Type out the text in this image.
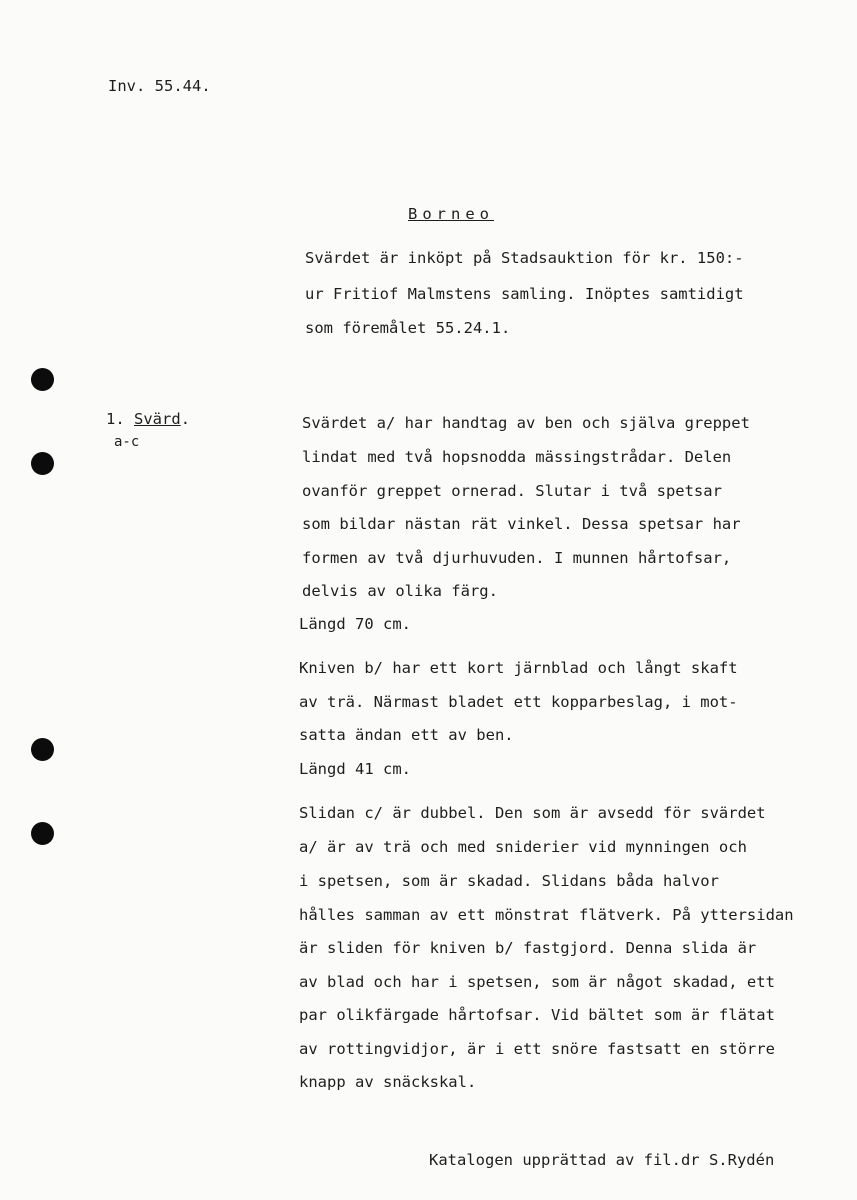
Inv. 55.44.
Borneo
Svärdet är inköpt på Stadsauktion för kr. 150:-
ur Fritiof Malmstens samling. Inöptes samtidigt
som föremålet 55.24.1.
1. Svärd.
a-c
Svärdet a/ har handtag av ben och själva greppet
lindat med två hopsnodda mässingstrådar. Delen
ovanför greppet ornerad. Slutar i två spetsar
som bildar nästan rät vinkel. Dessa spetsar har
formen av två djurhuvuden. I munnen hårtofsar,
delvis av olika färg.
Längd 70 cm.
Kniven b/ har ett kort järnblad och långt skaft
av trä. Närmast bladet ett kopparbeslag, i mot-
satta ändan ett av ben.
Längd 41 cm.
Slidan c/ är dubbel. Den som är avsedd för svärdet
a/ är av trä och med sniderier vid mynningen och
i spetsen, som är skadad. Slidans båda halvor
hålles samman av ett mönstrat flätverk. På yttersidan
är sliden för kniven b/ fastgjord. Denna slida är
av blad och har i spetsen, som är något skadad, ett
par olikfärgade hårtofsar. Vid bältet som är flätat
av rottingvidjor, är i ett snöre fastsatt en större
knapp av snäckskal.
Katalogen upprättad av fil.dr S.Rydén
